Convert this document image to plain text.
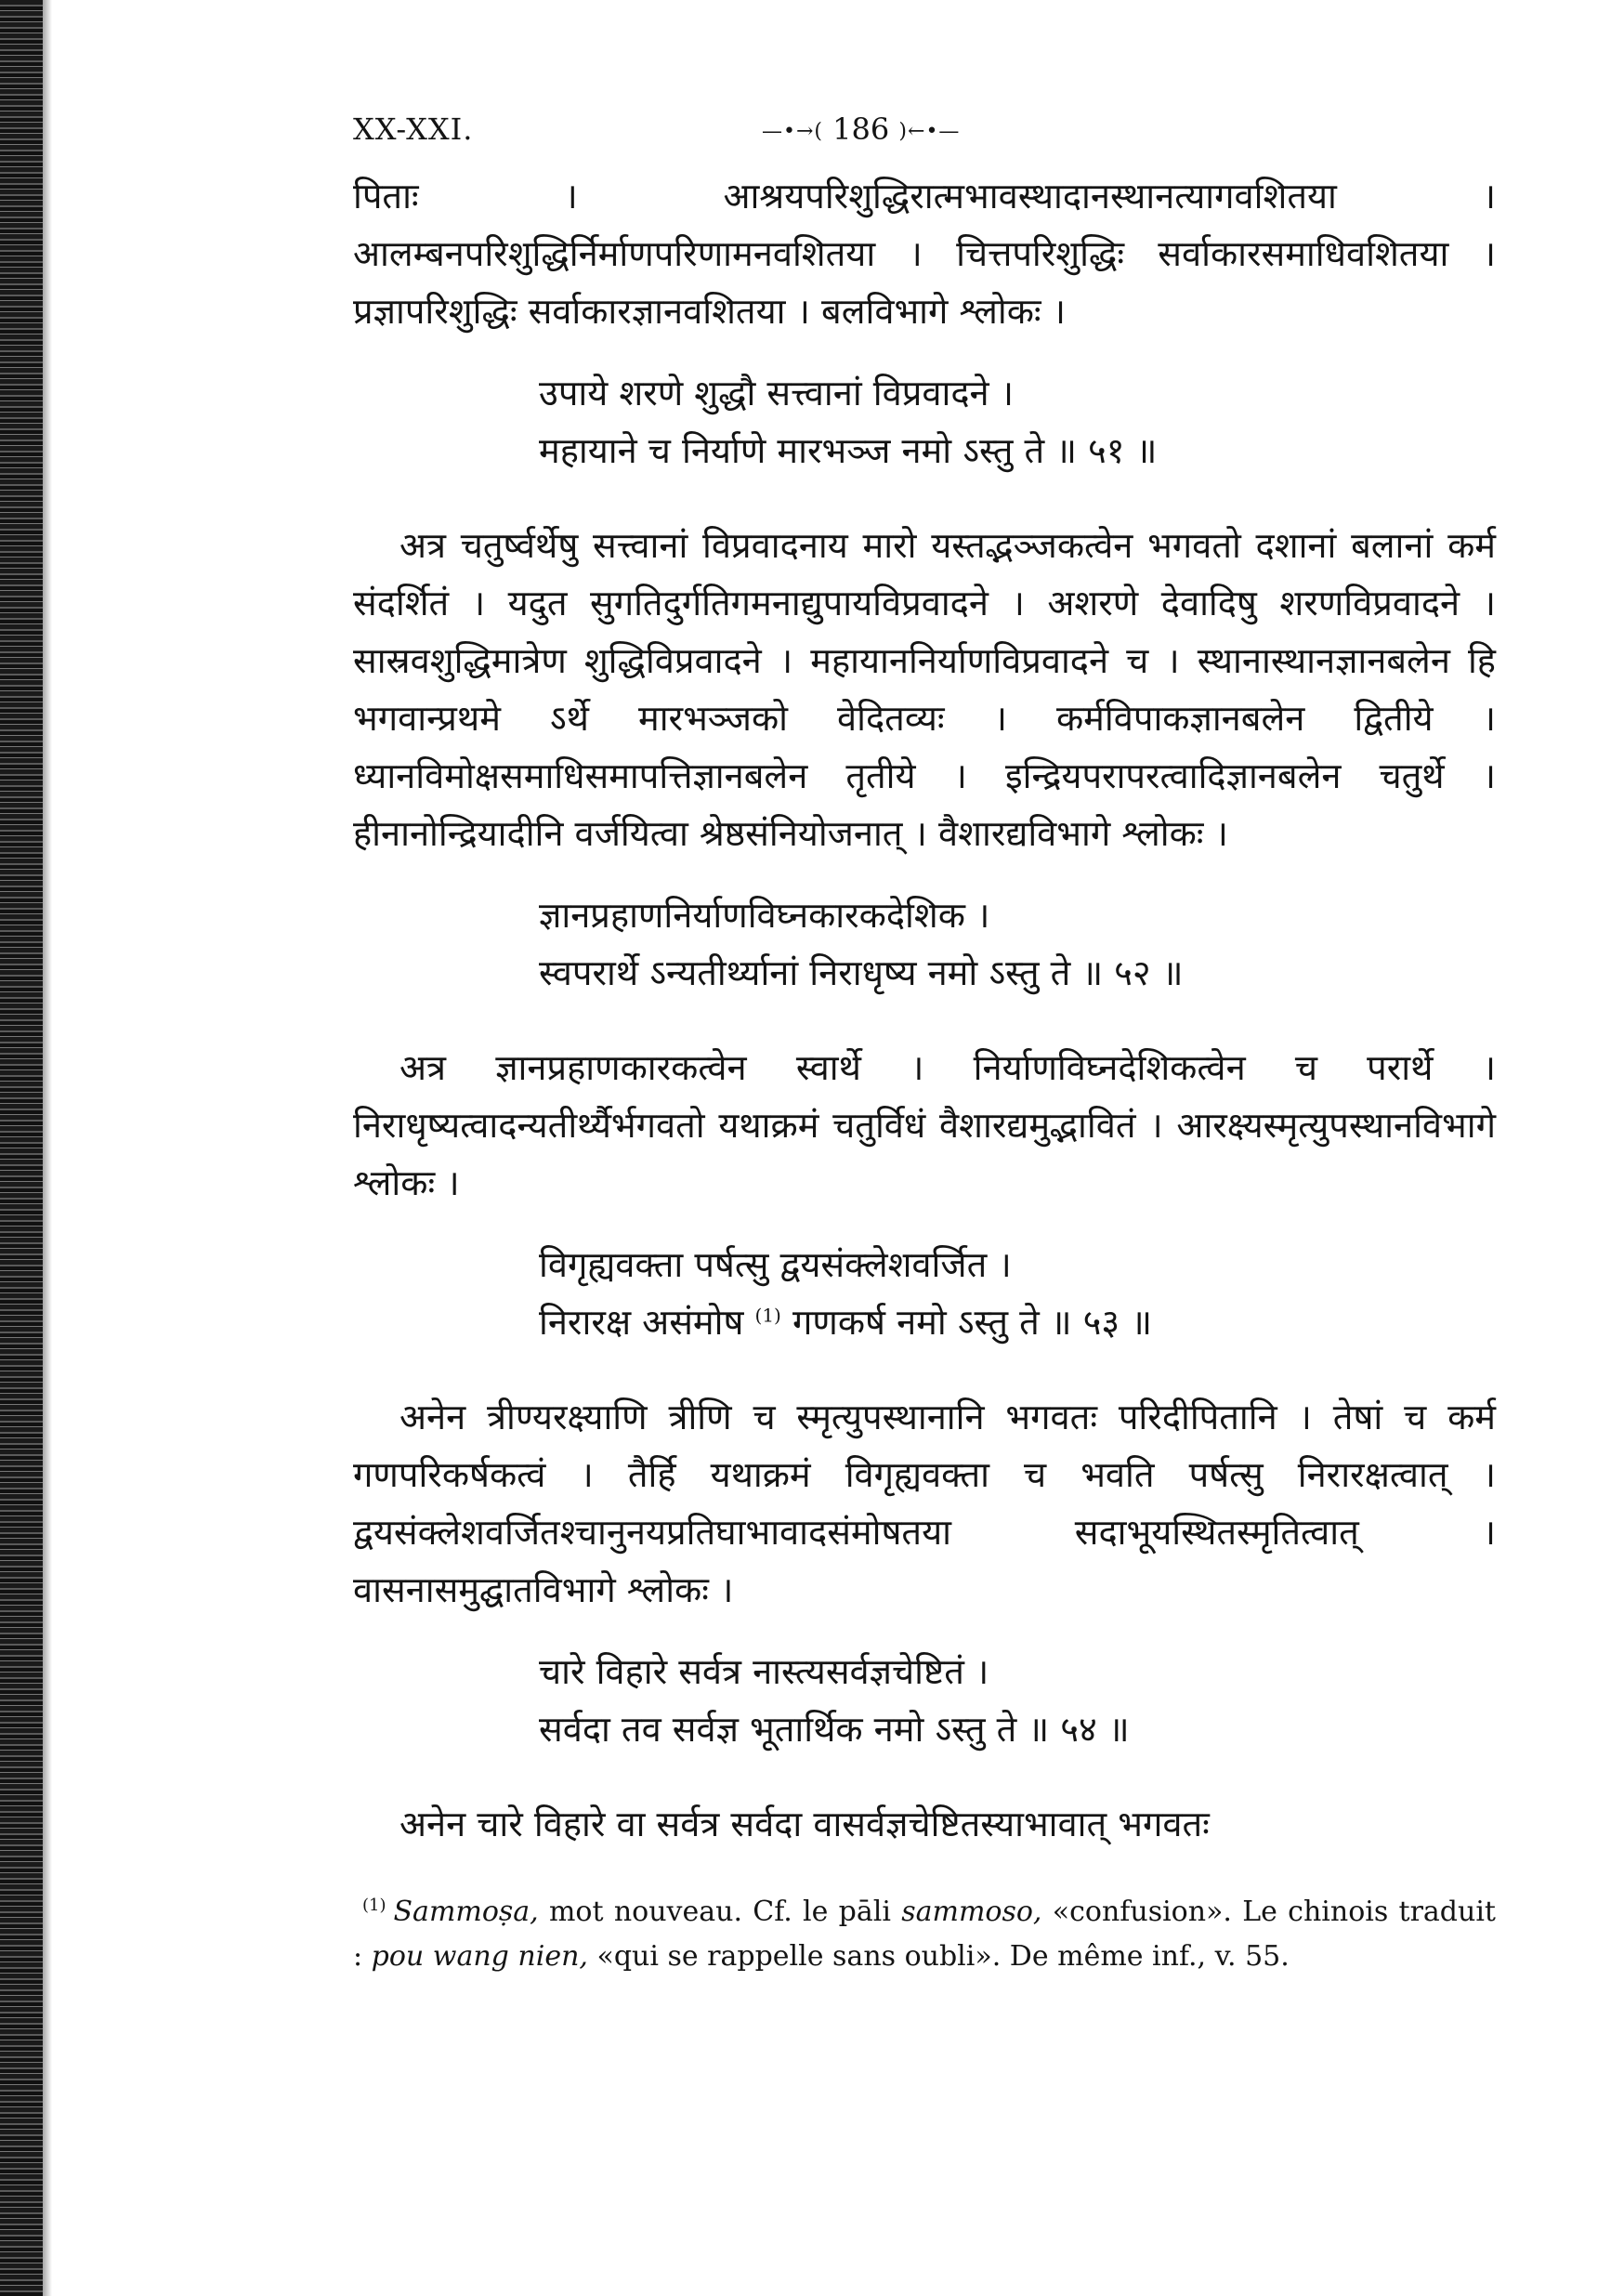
XX-XXI.	—•→( 186 )←•—

पिताः । आश्रयपरिशुद्धिरात्मभावस्थादानस्थानत्यागवशितया । आलम्बनपरिशुद्धिर्निर्माणपरिणामनवशितया । चित्तपरिशुद्धिः सर्वाकारसमाधिवशितया । प्रज्ञापरिशुद्धिः सर्वाकारज्ञानवशितया । बलविभागे श्लोकः ।

उपाये शरणे शुद्धौ सत्त्वानां विप्रवादने ।
महायाने च निर्याणे मारभञ्ज नमो ऽस्तु ते ॥ ५१ ॥

अत्र चतुर्ष्वर्थेषु सत्त्वानां विप्रवादनाय मारो यस्तद्भञ्जकत्वेन भगवतो दशानां बलानां कर्म संदर्शितं । यदुत सुगतिदुर्गतिगमनाद्युपायविप्रवादने । अशरणे देवादिषु शरणविप्रवादने । सास्रवशुद्धिमात्रेण शुद्धिविप्रवादने । महायाननिर्याणविप्रवादने च । स्थानास्थानज्ञानबलेन हि भगवान्प्रथमे ऽर्थे मारभञ्जको वेदितव्यः । कर्मविपाकज्ञानबलेन द्वितीये । ध्यानविमोक्षसमाधिसमापत्तिज्ञानबलेन तृतीये । इन्द्रियपरापरत्वादिज्ञानबलेन चतुर्थे । हीनानोन्द्रियादीनि वर्जयित्वा श्रेष्ठसंनियोजनात् । वैशारद्यविभागे श्लोकः ।

ज्ञानप्रहाणनिर्याणविघ्नकारकदेशिक ।
स्वपरार्थे ऽन्यतीर्थ्यानां निराधृष्य नमो ऽस्तु ते ॥ ५२ ॥

अत्र ज्ञानप्रहाणकारकत्वेन स्वार्थे । निर्याणविघ्नदेशिकत्वेन च परार्थे । निराधृष्यत्वादन्यतीर्थ्यैर्भगवतो यथाक्रमं चतुर्विधं वैशारद्यमुद्भावितं । आरक्ष्यस्मृत्युपस्थानविभागे श्लोकः ।

विगृह्यवक्ता पर्षत्सु द्वयसंक्लेशवर्जित ।
निरारक्ष असंमोष $^{(1)}$ गणकर्ष नमो ऽस्तु ते ॥ ५३ ॥

अनेन त्रीण्यरक्ष्याणि त्रीणि च स्मृत्युपस्थानानि भगवतः परिदीपितानि । तेषां च कर्म गणपरिकर्षकत्वं । तैर्हि यथाक्रमं विगृह्यवक्ता च भवति पर्षत्सु निरारक्षत्वात् । द्वयसंक्लेशवर्जितश्चानुनयप्रतिघाभावादसंमोषतया सदाभूयस्थितस्मृतित्वात् । वासनासमुद्घातविभागे श्लोकः ।

चारे विहारे सर्वत्र नास्त्यसर्वज्ञचेष्टितं ।
सर्वदा तव सर्वज्ञ भूतार्थिक नमो ऽस्तु ते ॥ ५४ ॥

अनेन चारे विहारे वा सर्वत्र सर्वदा वासर्वज्ञचेष्टितस्याभावात् भगवतः

$^{(1)}$ Sammoṣa, mot nouveau. Cf. le pāli sammoso, «confusion». Le chinois traduit : pou wang nien, «qui se rappelle sans oubli». De même inf., v. 55.
